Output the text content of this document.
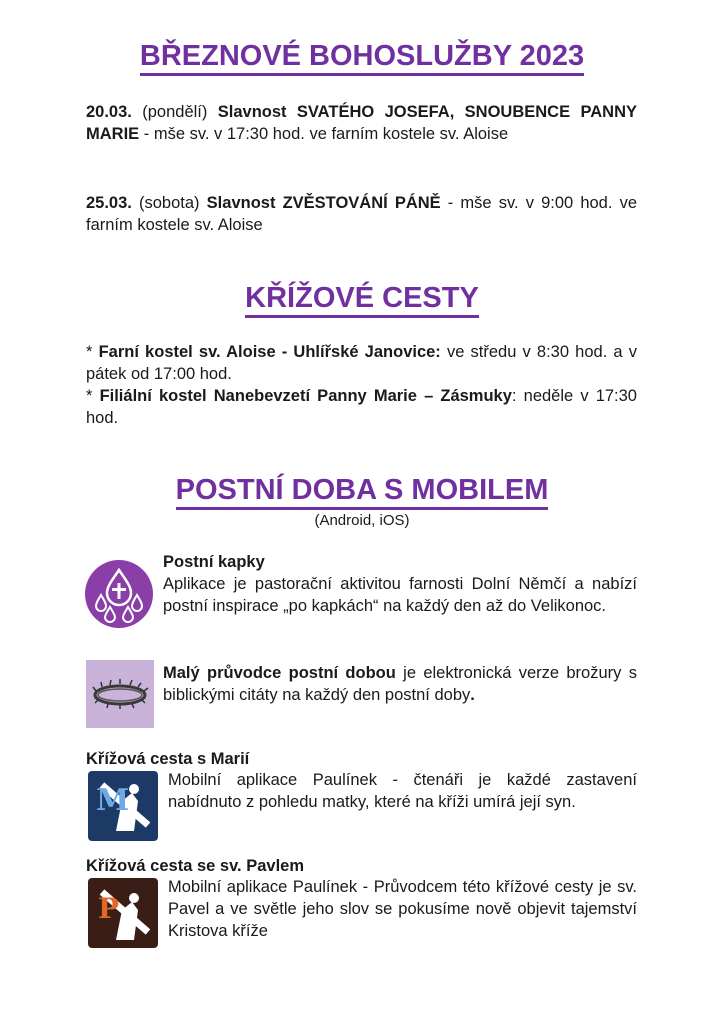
BŘEZNOVÉ BOHOSLUŽBY 2023
20.03. (pondělí) Slavnost SVATÉHO JOSEFA, SNOUBENCE PANNY MARIE - mše sv. v 17:30 hod. ve farním kostele sv. Aloise
25.03. (sobota) Slavnost ZVĚSTOVÁNÍ PÁNĚ - mše sv. v 9:00 hod. ve farním kostele sv. Aloise
KŘÍŽOVÉ CESTY
* Farní kostel sv. Aloise - Uhlířské Janovice: ve středu v 8:30 hod. a v pátek od 17:00 hod.
* Filiální kostel Nanebevzetí Panny Marie – Zásmuky: neděle v 17:30 hod.
POSTNÍ DOBA S MOBILEM
(Android, iOS)
Postní kapky
Aplikace je pastorační aktivitou farnosti Dolní Němčí a nabízí postní inspirace „po kapkách“ na každý den až do Velikonoc.
Malý průvodce postní dobou je elektronická verze brožury s biblickými citáty na každý den postní doby.
Křížová cesta s Marií
M
Mobilní aplikace Paulínek - čtenáři je každé zastavení nabídnuto z pohledu matky, které na kříži umírá její syn.
Křížová cesta se sv. Pavlem
P
Mobilní aplikace Paulínek - Průvodcem této křížové cesty je sv. Pavel a ve světle jeho slov se pokusíme nově objevit tajemství Kristova kříže
